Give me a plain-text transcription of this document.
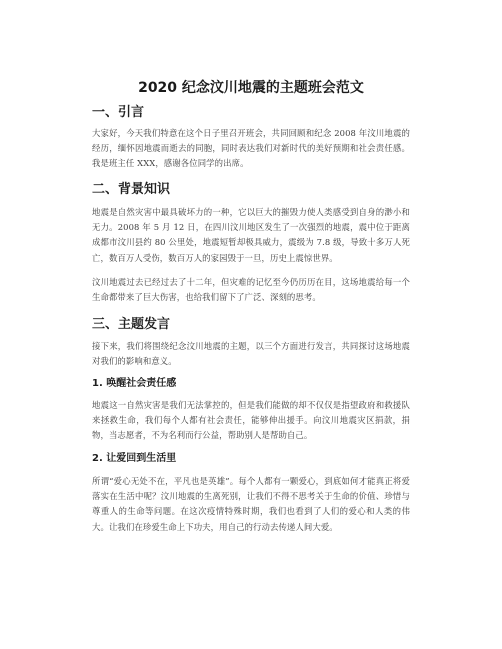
2020 纪念汶川地震的主题班会范文
一、引言

大家好，今天我们特意在这个日子里召开班会，共同回顾和纪念 2008 年汶川地震的经历，缅怀因地震而逝去的同胞，同时表达我们对新时代的美好预期和社会责任感。我是班主任 XXX，感谢各位同学的出席。

二、背景知识

地震是自然灾害中最具破坏力的一种，它以巨大的摧毁力使人类感受到自身的渺小和无力。2008 年 5 月 12 日，在四川汶川地区发生了一次强烈的地震，震中位于距离成都市汶川县约 80 公里处，地震短暂却极具威力，震级为 7.8 级，导致十多万人死亡，数百万人受伤，数百万人的家园毁于一旦，历史上震惊世界。

汶川地震过去已经过去了十二年，但灾难的记忆至今仍历历在目，这场地震给每一个生命都带来了巨大伤害，也给我们留下了广泛、深刻的思考。

三、主题发言

接下来，我们将围绕纪念汶川地震的主题，以三个方面进行发言，共同探讨这场地震对我们的影响和意义。

1. 唤醒社会责任感

地震这一自然灾害是我们无法掌控的，但是我们能做的却不仅仅是指望政府和救援队来拯救生命，我们每个人都有社会责任，能够伸出援手。向汶川地震灾区捐款，捐物，当志愿者，不为名利而行公益，帮助别人是帮助自己。

2. 让爱回到生活里

所谓“爱心无处不在，平凡也是英雄”。每个人都有一颗爱心，到底如何才能真正将爱落实在生活中呢？汶川地震的生离死别，让我们不得不思考关于生命的价值、珍惜与尊重人的生命等问题。在这次疫情特殊时期，我们也看到了人们的爱心和人类的伟大。让我们在珍爱生命上下功夫，用自己的行动去传递人间大爱。
